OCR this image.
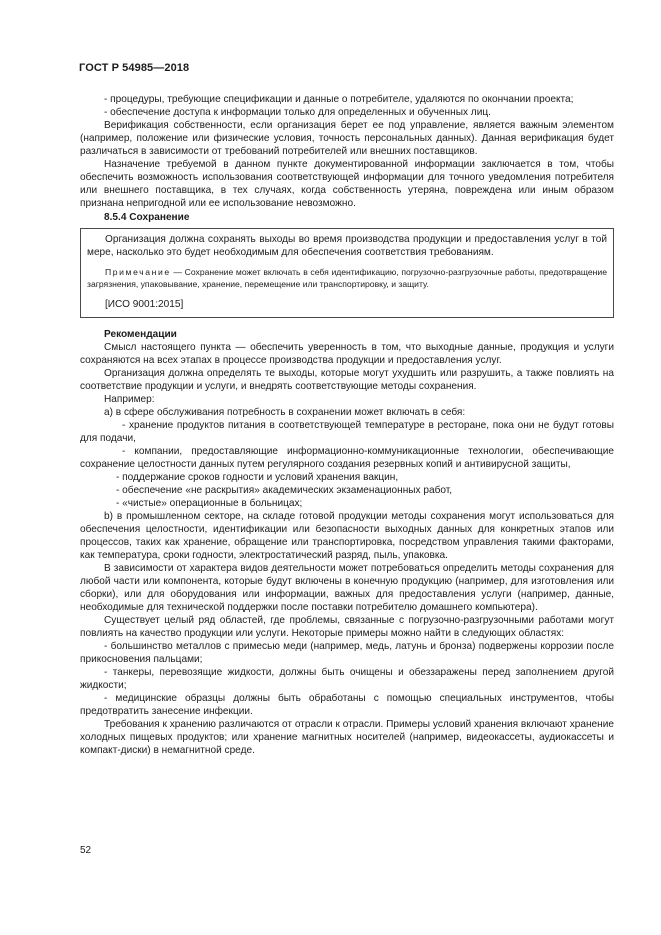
ГОСТ Р 54985—2018

- процедуры, требующие спецификации и данные о потребителе, удаляются по окончании проекта;

- обеспечение доступа к информации только для определенных и обученных лиц.

Верификация собственности, если организация берет ее под управление, является важным элементом (например, положение или физические условия, точность персональных данных). Данная верификация будет различаться в зависимости от требований потребителей или внешних поставщиков.

Назначение требуемой в данном пункте документированной информации заключается в том, чтобы обеспечить возможность использования соответствующей информации для точного уведомления потребителя или внешнего поставщика, в тех случаях, когда собственность утеряна, повреждена или иным образом признана непригодной или ее использование невозможно.

8.5.4 Сохранение

Организация должна сохранять выходы во время производства продукции и предоставления услуг в той мере, насколько это будет необходимым для обеспечения соответствия требованиям.

Примечание — Сохранение может включать в себя идентификацию, погрузочно-разгрузочные работы, предотвращение загрязнения, упаковывание, хранение, перемещение или транспортировку, и защиту.

[ИСО 9001:2015]

Рекомендации

Смысл настоящего пункта — обеспечить уверенность в том, что выходные данные, продукция и услуги сохраняются на всех этапах в процессе производства продукции и предоставления услуг.

Организация должна определять те выходы, которые могут ухудшить или разрушить, а также повлиять на соответствие продукции и услуги, и внедрять соответствующие методы сохранения.

Например:

а) в сфере обслуживания потребность в сохранении может включать в себя:

- хранение продуктов питания в соответствующей температуре в ресторане, пока они не будут готовы для подачи,

- компании, предоставляющие информационно-коммуникационные технологии, обеспечивающие сохранение целостности данных путем регулярного создания резервных копий и антивирусной защиты,

- поддержание сроков годности и условий хранения вакцин,

- обеспечение «не раскрытия» академических экзаменационных работ,

- «чистые» операционные в больницах;

b) в промышленном секторе, на складе готовой продукции методы сохранения могут использоваться для обеспечения целостности, идентификации или безопасности выходных данных для конкретных этапов или процессов, таких как хранение, обращение или транспортировка, посредством управления такими факторами, как температура, сроки годности, электростатический разряд, пыль, упаковка.

В зависимости от характера видов деятельности может потребоваться определить методы сохранения для любой части или компонента, которые будут включены в конечную продукцию (например, для изготовления или сборки), или для оборудования или информации, важных для предоставления услуги (например, данные, необходимые для технической поддержки после поставки потребителю домашнего компьютера).

Существует целый ряд областей, где проблемы, связанные с погрузочно-разгрузочными работами могут повлиять на качество продукции или услуги. Некоторые примеры можно найти в следующих областях:

- большинство металлов с примесью меди (например, медь, латунь и бронза) подвержены коррозии после прикосновения пальцами;

- танкеры, перевозящие жидкости, должны быть очищены и обеззаражены перед заполнением другой жидкости;

- медицинские образцы должны быть обработаны с помощью специальных инструментов, чтобы предотвратить занесение инфекции.

Требования к хранению различаются от отрасли к отрасли. Примеры условий хранения включают хранение холодных пищевых продуктов; или хранение магнитных носителей (например, видеокассеты, аудиокассеты и компакт-диски) в немагнитной среде.

52
